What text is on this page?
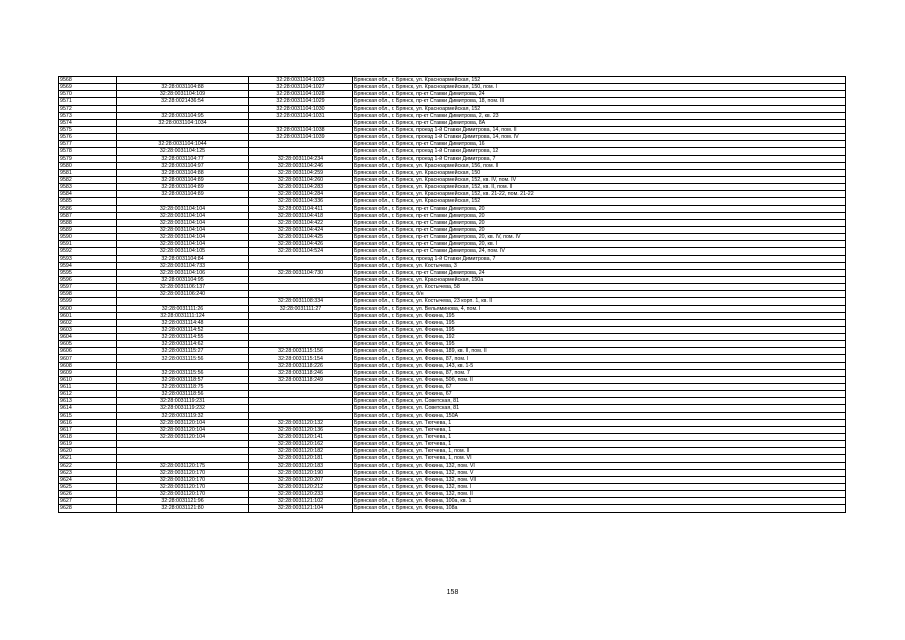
9568		32:28:0031104:1023	Брянская обл., г. Брянск, ул. Красноармейская, 152
9569	32:28:0031104:88	32:28:0031104:1027	Брянская обл., г. Брянск, ул. Красноармейская, 150, пом. I
9570	32:28:0031104:109	32:28:0031104:1028	Брянская обл., г. Брянск, пр-кт Ставки Димитрова, 24
9571	32:28:0021436:54	32:28:0031104:1029	Брянская обл., г. Брянск, пр-кт Ставки Димитрова, 18, пом. III
9572		32:28:0031104:1030	Брянская обл., г. Брянск, ул. Красноармейская, 152
9573	32:28:0031104:95	32:28:0031104:1031	Брянская обл., г. Брянск, пр-кт Ставки Димитрова, 2, кв. 23
9574	32:28:0031104:1034		Брянская обл., г. Брянск, пр-кт Ставки Димитрова, 8А
9575		32:28:0031104:1038	Брянская обл., г. Брянск, проезд 1-й Ставки Димитрова, 14, пом. II
9576		32:28:0031104:1039	Брянская обл., г. Брянск, проезд 1-й Ставки Димитрова, 14, пом. IV
9577	32:28:0031104:1044		Брянская обл., г. Брянск, пр-кт Ставки Димитрова, 16
9578	32:28:0031104:125		Брянская обл., г. Брянск, проезд 1-й Ставки Димитрова, 12
9579	32:28:0031104:77	32:28:0031104:234	Брянская обл., г. Брянск, проезд 1-й Ставки Димитрова, 7
9580	32:28:0031104:97	32:28:0031104:246	Брянская обл., г. Брянск, ул. Красноармейская, 156, пом. II
9581	32:28:0031104:88	32:28:0031104:259	Брянская обл., г. Брянск, ул. Красноармейская, 150
9582	32:28:0031104:89	32:28:0031104:260	Брянская обл., г. Брянск, ул. Красноармейская, 152, кв. IV, пом. IV
9583	32:28:0031104:89	32:28:0031104:283	Брянская обл., г. Брянск, ул. Красноармейская, 152, кв. II, пом. II
9584	32:28:0031104:89	32:28:0031104:284	Брянская обл., г. Брянск, ул. Красноармейская, 152, кв. 21-22, пом. 21-22
9585		32:28:0031104:336	Брянская обл., г. Брянск, ул. Красноармейская, 152
9586	32:28:0031104:104	32:28:0031104:411	Брянская обл., г. Брянск, пр-кт Ставки Димитрова, 20
9587	32:28:0031104:104	32:28:0031104:418	Брянская обл., г. Брянск, пр-кт Ставки Димитрова, 20
9588	32:28:0031104:104	32:28:0031104:422	Брянская обл., г. Брянск, пр-кт Ставки Димитрова, 20
9589	32:28:0031104:104	32:28:0031104:424	Брянская обл., г. Брянск, пр-кт Ставки Димитрова, 20
9590	32:28:0031104:104	32:28:0031104:425	Брянская обл., г. Брянск, пр-кт Ставки Димитрова, 20, кв. IV, пом. IV
9591	32:28:0031104:104	32:28:0031104:426	Брянская обл., г. Брянск, пр-кт Ставки Димитрова, 20, кв. I
9592	32:28:0031104:105	32:28:0031104:524	Брянская обл., г. Брянск, пр-кт Ставки Димитрова, 24, пом. IV
9593	32:28:0031104:84		Брянская обл., г. Брянск, проезд 1-й Ставки Димитрова, 7
9594	32:28:0031104:733		Брянская обл., г. Брянск, ул. Костычева, 3
9595	32:28:0031104:106	32:28:0031104:730	Брянская обл., г. Брянск, пр-кт Ставки Димитрова, 24
9596	32:28:0031104:95		Брянская обл., г. Брянск, ул. Красноармейская, 150а
9597	32:28:0031106:137		Брянская обл., г. Брянск, ул. Костычева, 58
9598	32:28:0031106:240		Брянская обл., г. Брянск, б/н
9599		32:28:0031108:334	Брянская обл., г. Брянск, ул. Костычева, 23 корп. 1, кв. II
9600	32:28:0031111:26	32:28:0031111:27	Брянская обл., г. Брянск, ул. Вельяминова, 4, пом. I
9601	32:28:0031111:124		Брянская обл., г. Брянск, ул. Фокина, 195
9602	32:28:0031114:48		Брянская обл., г. Брянск, ул. Фокина, 195
9603	32:28:0031114:52		Брянская обл., г. Брянск, ул. Фокина, 195
9604	32:28:0031114:55		Брянская обл., г. Брянск, ул. Фокина, 192
9605	32:28:0031114:62		Брянская обл., г. Брянск, ул. Фокина, 195
9606	32:28:0031115:27	32:28:0031115:156	Брянская обл., г. Брянск, ул. Фокина, 189, кв. II, пом. II
9607	32:28:0031115:56	32:28:0031115:154	Брянская обл., г. Брянск, ул. Фокина, 87, пом. I
9608		32:28:0031118:226	Брянская обл., г. Брянск, ул. Фокина, 143, кв. 1-5
9609	32:28:0031115:56	32:28:0031118:246	Брянская обл., г. Брянск, ул. Фокина, 87, пом. 7
9610	32:28:0031118:57	32:28:0031118:249	Брянская обл., г. Брянск, ул. Фокина, 50б, пом. II
9611	32:28:0031118:75		Брянская обл., г. Брянск, ул. Фокина, 67
9612	32:28:0031118:56		Брянская обл., г. Брянск, ул. Фокина, 67
9613	32:28:0031119:231		Брянская обл., г. Брянск, ул. Советская, 81
9614	32:28:0031119:232		Брянская обл., г. Брянск, ул. Советская, 81
9615	32:28:0031119:32		Брянская обл., г. Брянск, ул. Фокина, 150А
9616	32:28:0031120:104	32:28:0031120:132	Брянская обл., г. Брянск, ул. Тютчева, 1
9617	32:28:0031120:104	32:28:0031120:136	Брянская обл., г. Брянск, ул. Тютчева, 1
9618	32:28:0031120:104	32:28:0031120:141	Брянская обл., г. Брянск, ул. Тютчева, 1
9619		32:28:0031120:162	Брянская обл., г. Брянск, ул. Тютчева, 1
9620		32:28:0031120:182	Брянская обл., г. Брянск, ул. Тютчева, 1, пом. II
9621		32:28:0031120:181	Брянская обл., г. Брянск, ул. Тютчева, 1, пом. VI
9622	32:28:0031120:175	32:28:0031120:183	Брянская обл., г. Брянск, ул. Фокина, 132, пом. VI
9623	32:28:0031120:170	32:28:0031120:190	Брянская обл., г. Брянск, ул. Фокина, 132, пом. V
9624	32:28:0031120:170	32:28:0031120:207	Брянская обл., г. Брянск, ул. Фокина, 132, пом. VII
9625	32:28:0031120:170	32:28:0031120:212	Брянская обл., г. Брянск, ул. Фокина, 132, пом. I
9626	32:28:0031120:170	32:28:0031120:233	Брянская обл., г. Брянск, ул. Фокина, 132, пом. II
9627	32:28:0031121:96	32:28:0031121:102	Брянская обл., г. Брянск, ул. Фокина, 100а, кв. 1
9628	32:28:0031121:80	32:28:0031121:104	Брянская обл., г. Брянск, ул. Фокина, 108а
158
